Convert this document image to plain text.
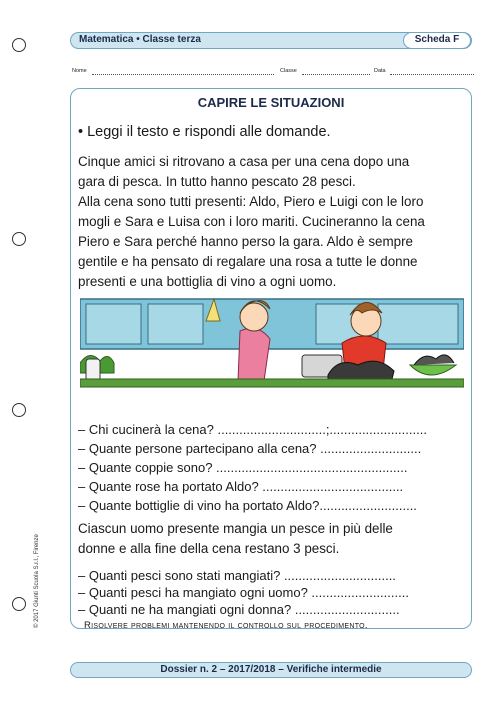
Matematica • Classe terza	Scheda F
Nome	Classe	Data
CAPIRE LE SITUAZIONI
• Leggi il testo e rispondi alle domande.
Cinque amici si ritrovano a casa per una cena dopo una
gara di pesca. In tutto hanno pescato 28 pesci.
Alla cena sono tutti presenti: Aldo, Piero e Luigi con le loro
mogli e Sara e Luisa con i loro mariti. Cucineranno la cena
Piero e Sara perché hanno perso la gara. Aldo è sempre
gentile e ha pensato di regalare una rosa a tutte le donne
presenti e una bottiglia di vino a ogni uomo.
– Chi cucinerà la cena? ..............................;...........................
– Quante persone partecipano alla cena? ............................
– Quante coppie sono? .....................................................
– Quante rose ha portato Aldo? .......................................
– Quante bottiglie di vino ha portato Aldo?...........................
Ciascun uomo presente mangia un pesce in più delle
donne e alla fine della cena restano 3 pesci.
– Quanti pesci sono stati mangiati? ...............................
– Quanti pesci ha mangiato ogni uomo? ...........................
– Quanti ne ha mangiati ogni donna? .............................
Risolvere problemi mantenendo il controllo sul procedimento.
© 2017 Giunti Scuola S.r.l., Firenze
Dossier n. 2 – 2017/2018 – Verifiche intermedie
